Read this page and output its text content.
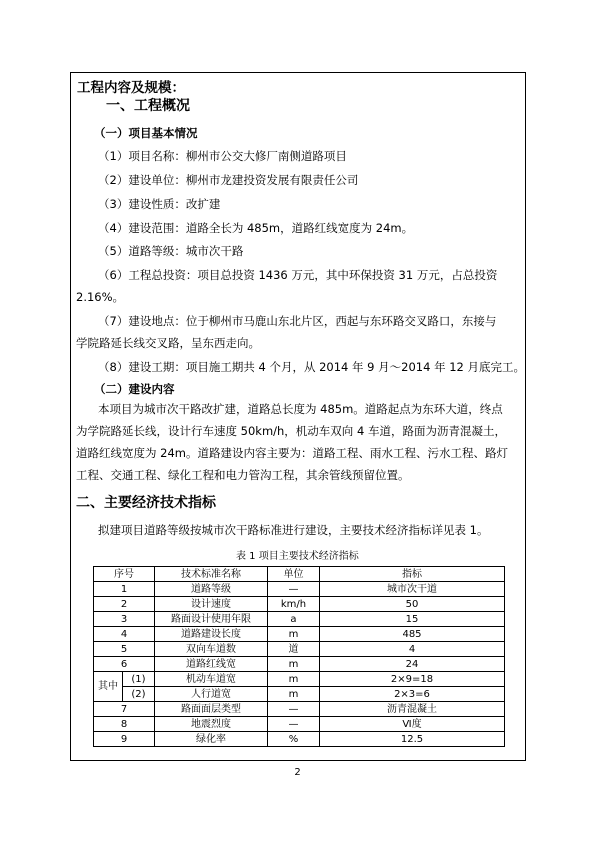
工程内容及规模：
一、工程概况
（一）项目基本情况
（1）项目名称：柳州市公交大修厂南侧道路项目
（2）建设单位：柳州市龙建投资发展有限责任公司
（3）建设性质：改扩建
（4）建设范围：道路全长为 485m，道路红线宽度为 24m。
（5）道路等级：城市次干路
（6）工程总投资：项目总投资 1436 万元，其中环保投资 31 万元，占总投资
2.16%。
（7）建设地点：位于柳州市马鹿山东北片区，西起与东环路交叉路口，东接与
学院路延长线交叉路，呈东西走向。
（8）建设工期：项目施工期共 4 个月，从 2014 年 9 月～2014 年 12 月底完工。
（二）建设内容
本项目为城市次干路改扩建，道路总长度为 485m。道路起点为东环大道，终点
为学院路延长线，设计行车速度 50km/h，机动车双向 4 车道，路面为沥青混凝土，
道路红线宽度为 24m。道路建设内容主要为：道路工程、雨水工程、污水工程、路灯
工程、交通工程、绿化工程和电力管沟工程，其余管线预留位置。
二、主要经济技术指标
拟建项目道路等级按城市次干路标准进行建设，主要技术经济指标详见表 1。
表 1 项目主要技术经济指标
序号		技术标准名称	单位	指标
1		道路等级	—	城市次干道
2		设计速度	km/h	50
3		路面设计使用年限	a	15
4		道路建设长度	m	485
5		双向车道数	道	4
6		道路红线宽	m	24
其中	(1)	机动车道宽	m	2×9=18
	(2)	人行道宽	m	2×3=6
7		路面面层类型	—	沥青混凝土
8		地震烈度	—	Ⅵ度
9		绿化率	%	12.5
2
